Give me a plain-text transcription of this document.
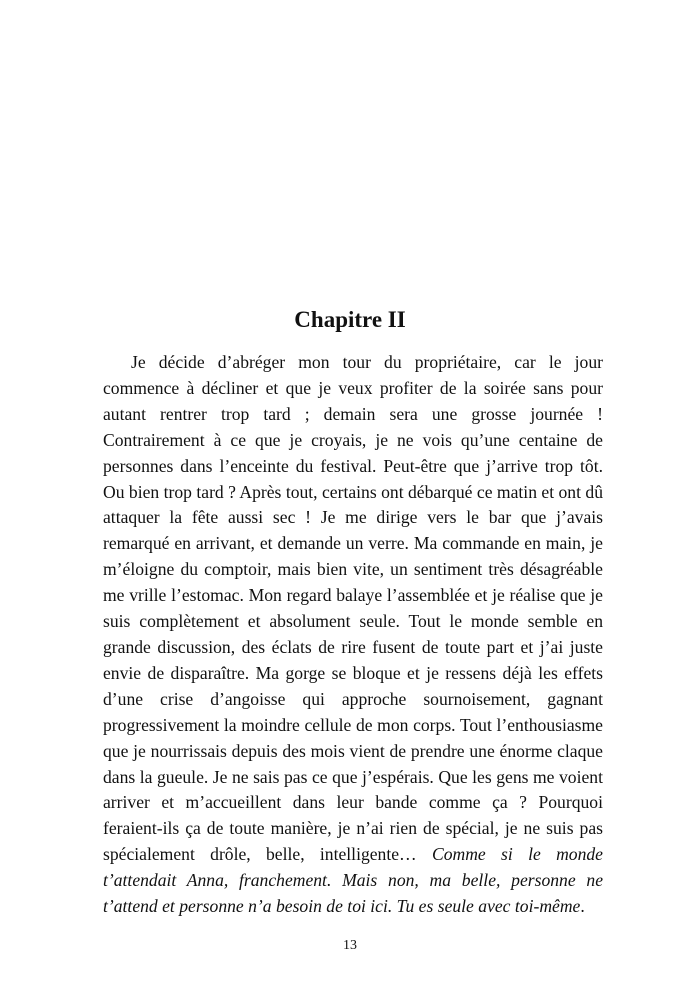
Chapitre II

Je décide d’abréger mon tour du propriétaire, car le jour commence à décliner et que je veux profiter de la soirée sans pour autant rentrer trop tard ; demain sera une grosse journée ! Contrairement à ce que je croyais, je ne vois qu’une centaine de personnes dans l’enceinte du festival. Peut-être que j’arrive trop tôt. Ou bien trop tard ? Après tout, certains ont débarqué ce matin et ont dû attaquer la fête aussi sec ! Je me dirige vers le bar que j’avais remarqué en arrivant, et demande un verre. Ma commande en main, je m’éloigne du comptoir, mais bien vite, un sentiment très désagréable me vrille l’estomac. Mon regard balaye l’assemblée et je réalise que je suis complètement et absolument seule. Tout le monde semble en grande discussion, des éclats de rire fusent de toute part et j’ai juste envie de disparaître. Ma gorge se bloque et je ressens déjà les effets d’une crise d’angoisse qui approche sournoisement, gagnant progressivement la moindre cellule de mon corps. Tout l’enthousiasme que je nourrissais depuis des mois vient de prendre une énorme claque dans la gueule. Je ne sais pas ce que j’espérais. Que les gens me voient arriver et m’accueillent dans leur bande comme ça ? Pourquoi feraient-ils ça de toute manière, je n’ai rien de spécial, je ne suis pas spécialement drôle, belle, intelligente… Comme si le monde t’attendait Anna, franchement. Mais non, ma belle, personne ne t’attend et personne n’a besoin de toi ici. Tu es seule avec toi-même.

13
